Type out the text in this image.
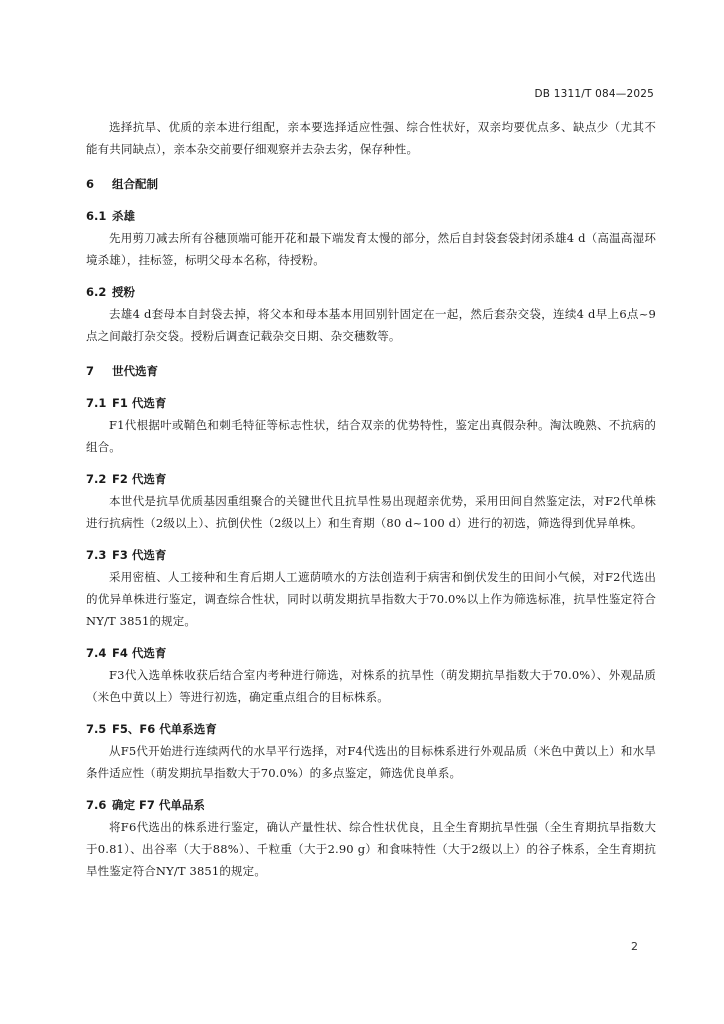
DB 1311/T 084—2025

选择抗旱、优质的亲本进行组配，亲本要选择适应性强、综合性状好，双亲均要优点多、缺点少（尤其不能有共同缺点），亲本杂交前要仔细观察并去杂去劣，保存种性。

6 组合配制
6.1 杀雄

先用剪刀减去所有谷穗顶端可能开花和最下端发育太慢的部分，然后自封袋套袋封闭杀雄4 d（高温高湿环境杀雄），挂标签，标明父母本名称，待授粉。

6.2 授粉

去雄4 d套母本自封袋去掉，将父本和母本基本用回别针固定在一起，然后套杂交袋，连续4 d早上6点~9点之间敲打杂交袋。授粉后调查记载杂交日期、杂交穗数等。

7 世代选育
7.1 F1 代选育

F1代根据叶或鞘色和刺毛特征等标志性状，结合双亲的优势特性，鉴定出真假杂种。淘汰晚熟、不抗病的组合。

7.2 F2 代选育

本世代是抗旱优质基因重组聚合的关键世代且抗旱性易出现超亲优势，采用田间自然鉴定法，对F2代单株进行抗病性（2级以上）、抗倒伏性（2级以上）和生育期（80 d~100 d）进行的初选，筛选得到优异单株。

7.3 F3 代选育

采用密植、人工接种和生育后期人工遮荫喷水的方法创造利于病害和倒伏发生的田间小气候，对F2代选出的优异单株进行鉴定，调查综合性状，同时以萌发期抗旱指数大于70.0%以上作为筛选标准，抗旱性鉴定符合NY/T 3851的规定。

7.4 F4 代选育

F3代入选单株收获后结合室内考种进行筛选，对株系的抗旱性（萌发期抗旱指数大于70.0%）、外观品质（米色中黄以上）等进行初选，确定重点组合的目标株系。

7.5 F5、F6 代单系选育

从F5代开始进行连续两代的水旱平行选择，对F4代选出的目标株系进行外观品质（米色中黄以上）和水旱条件适应性（萌发期抗旱指数大于70.0%）的多点鉴定，筛选优良单系。

7.6 确定 F7 代单品系

将F6代选出的株系进行鉴定，确认产量性状、综合性状优良，且全生育期抗旱性强（全生育期抗旱指数大于0.81）、出谷率（大于88%）、千粒重（大于2.90 g）和食味特性（大于2级以上）的谷子株系，全生育期抗旱性鉴定符合NY/T 3851的规定。

2
